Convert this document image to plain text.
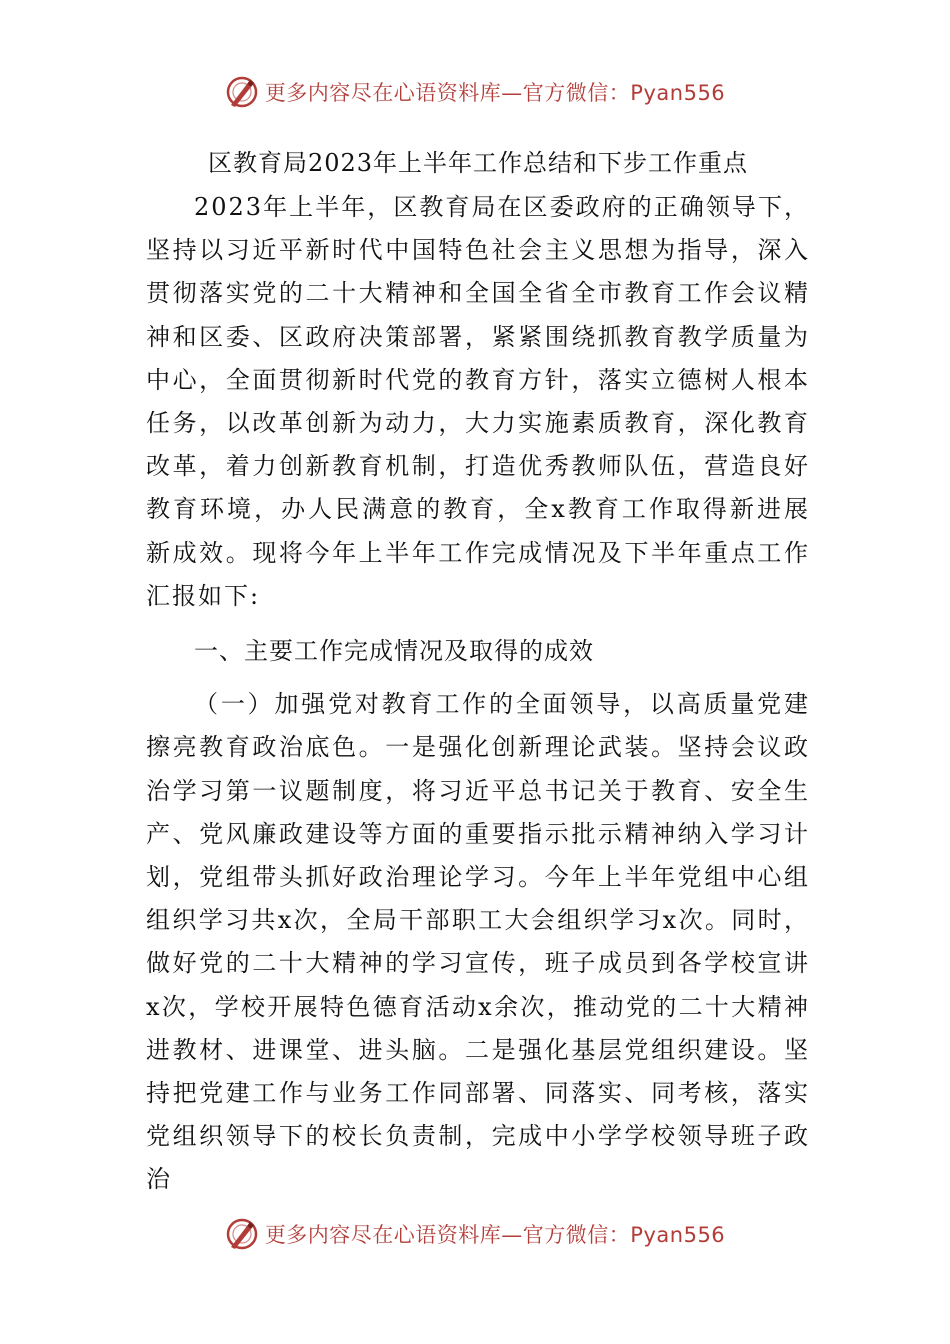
更多内容尽在心语资料库—官方微信：Pyan556
区教育局2023年上半年工作总结和下步工作重点

2023年上半年，区教育局在区委政府的正确领导下，坚持以习近平新时代中国特色社会主义思想为指导，深入贯彻落实党的二十大精神和全国全省全市教育工作会议精神和区委、区政府决策部署，紧紧围绕抓教育教学质量为中心，全面贯彻新时代党的教育方针，落实立德树人根本任务，以改革创新为动力，大力实施素质教育，深化教育改革，着力创新教育机制，打造优秀教师队伍，营造良好教育环境，办人民满意的教育，全x教育工作取得新进展新成效。现将今年上半年工作完成情况及下半年重点工作汇报如下:

一、主要工作完成情况及取得的成效

（一）加强党对教育工作的全面领导，以高质量党建擦亮教育政治底色。一是强化创新理论武装。坚持会议政治学习第一议题制度，将习近平总书记关于教育、安全生产、党风廉政建设等方面的重要指示批示精神纳入学习计划，党组带头抓好政治理论学习。今年上半年党组中心组组织学习共x次，全局干部职工大会组织学习x次。同时，做好党的二十大精神的学习宣传，班子成员到各学校宣讲x次，学校开展特色德育活动x余次，推动党的二十大精神进教材、进课堂、进头脑。二是强化基层党组织建设。坚持把党建工作与业务工作同部署、同落实、同考核，落实党组织领导下的校长负责制，完成中小学学校领导班子政治

更多内容尽在心语资料库—官方微信：Pyan556
